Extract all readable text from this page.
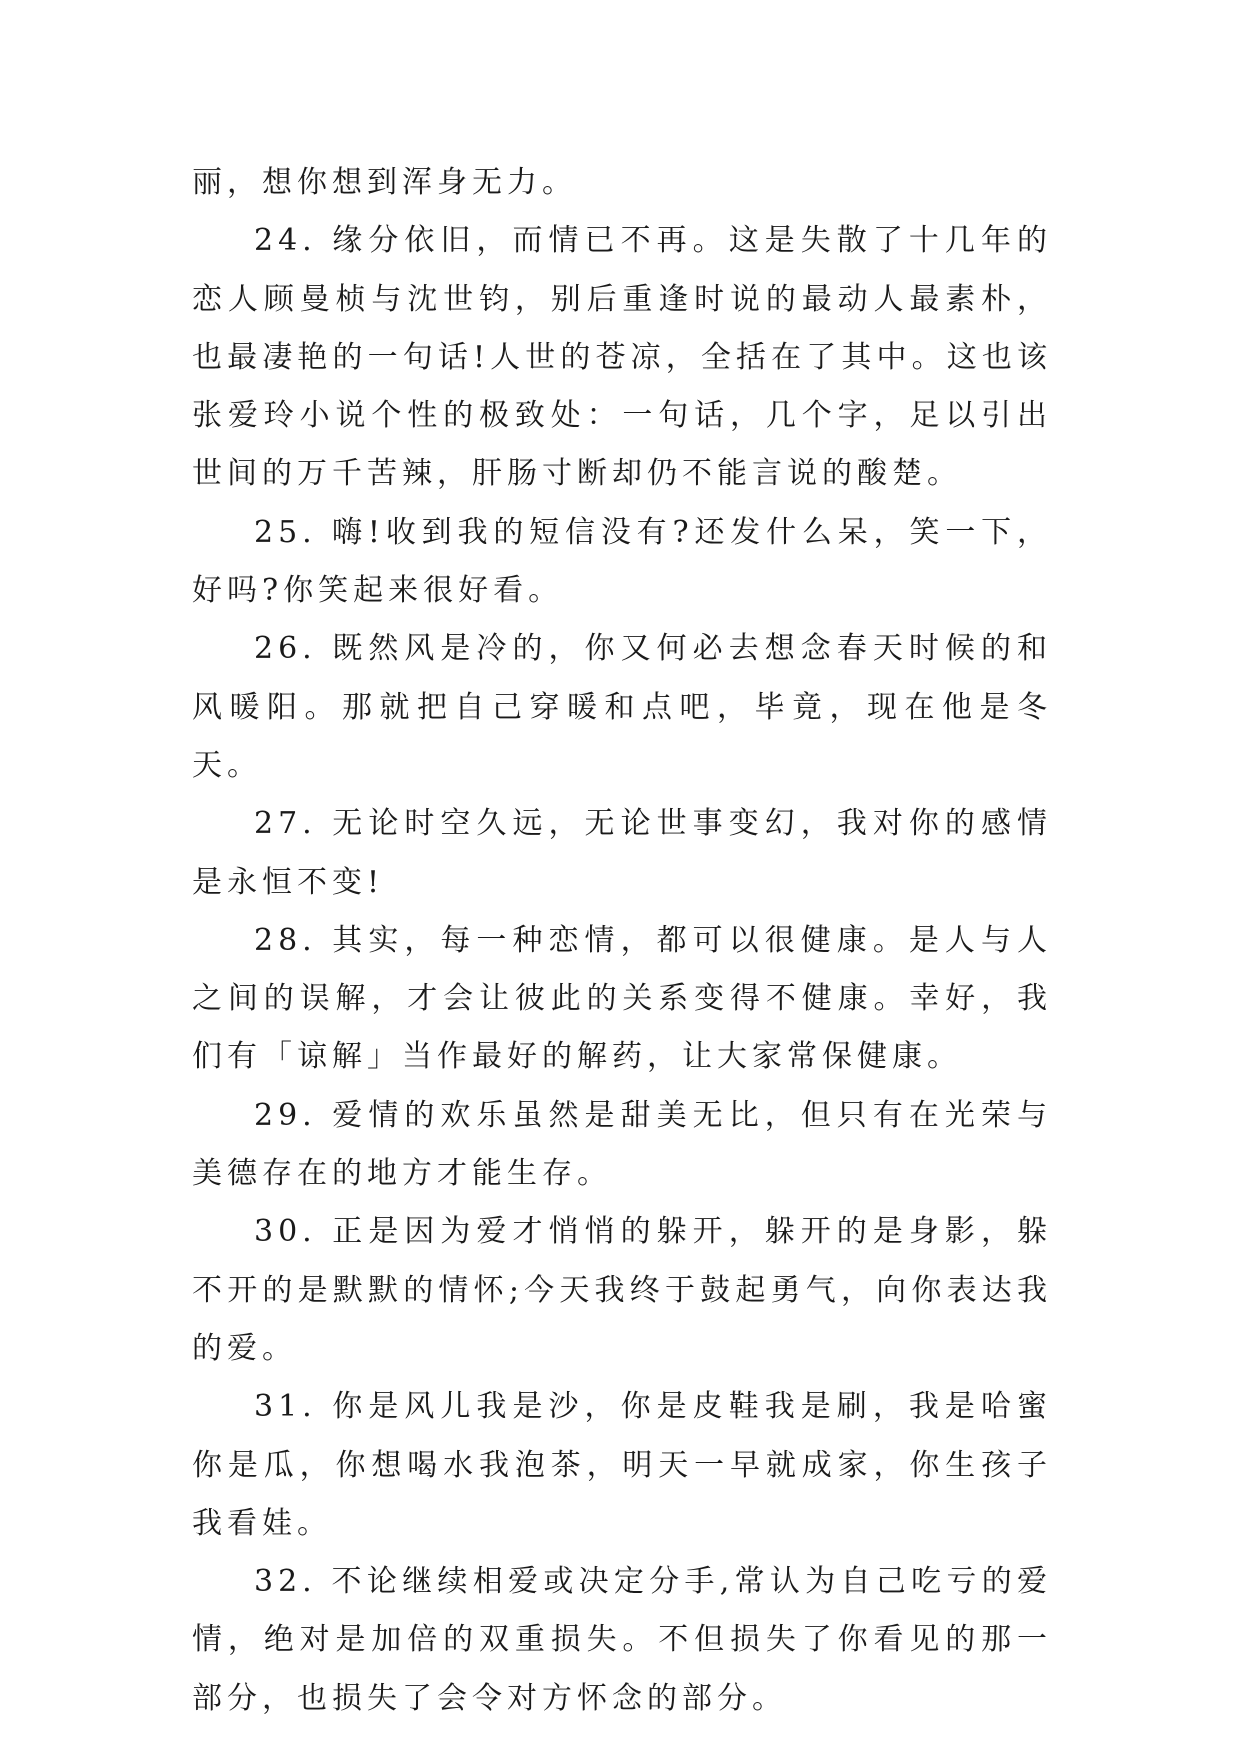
丽，想你想到浑身无力。

24. 缘分依旧，而情已不再。这是失散了十几年的恋人顾曼桢与沈世钧，别后重逢时说的最动人最素朴，也最凄艳的一句话!人世的苍凉，全括在了其中。这也该张爱玲小说个性的极致处：一句话，几个字，足以引出世间的万千苦辣，肝肠寸断却仍不能言说的酸楚。

25. 嗨!收到我的短信没有?还发什么呆，笑一下，好吗?你笑起来很好看。

26. 既然风是冷的，你又何必去想念春天时候的和风暖阳。那就把自己穿暖和点吧，毕竟，现在他是冬天。

27. 无论时空久远，无论世事变幻，我对你的感情是永恒不变!

28. 其实，每一种恋情，都可以很健康。是人与人之间的误解，才会让彼此的关系变得不健康。幸好，我们有「谅解」当作最好的解药，让大家常保健康。

29. 爱情的欢乐虽然是甜美无比，但只有在光荣与美德存在的地方才能生存。

30. 正是因为爱才悄悄的躲开，躲开的是身影，躲不开的是默默的情怀;今天我终于鼓起勇气，向你表达我的爱。

31. 你是风儿我是沙，你是皮鞋我是刷，我是哈蜜你是瓜，你想喝水我泡茶，明天一早就成家，你生孩子我看娃。

32. 不论继续相爱或决定分手,常认为自己吃亏的爱情，绝对是加倍的双重损失。不但损失了你看见的那一部分，也损失了会令对方怀念的部分。
